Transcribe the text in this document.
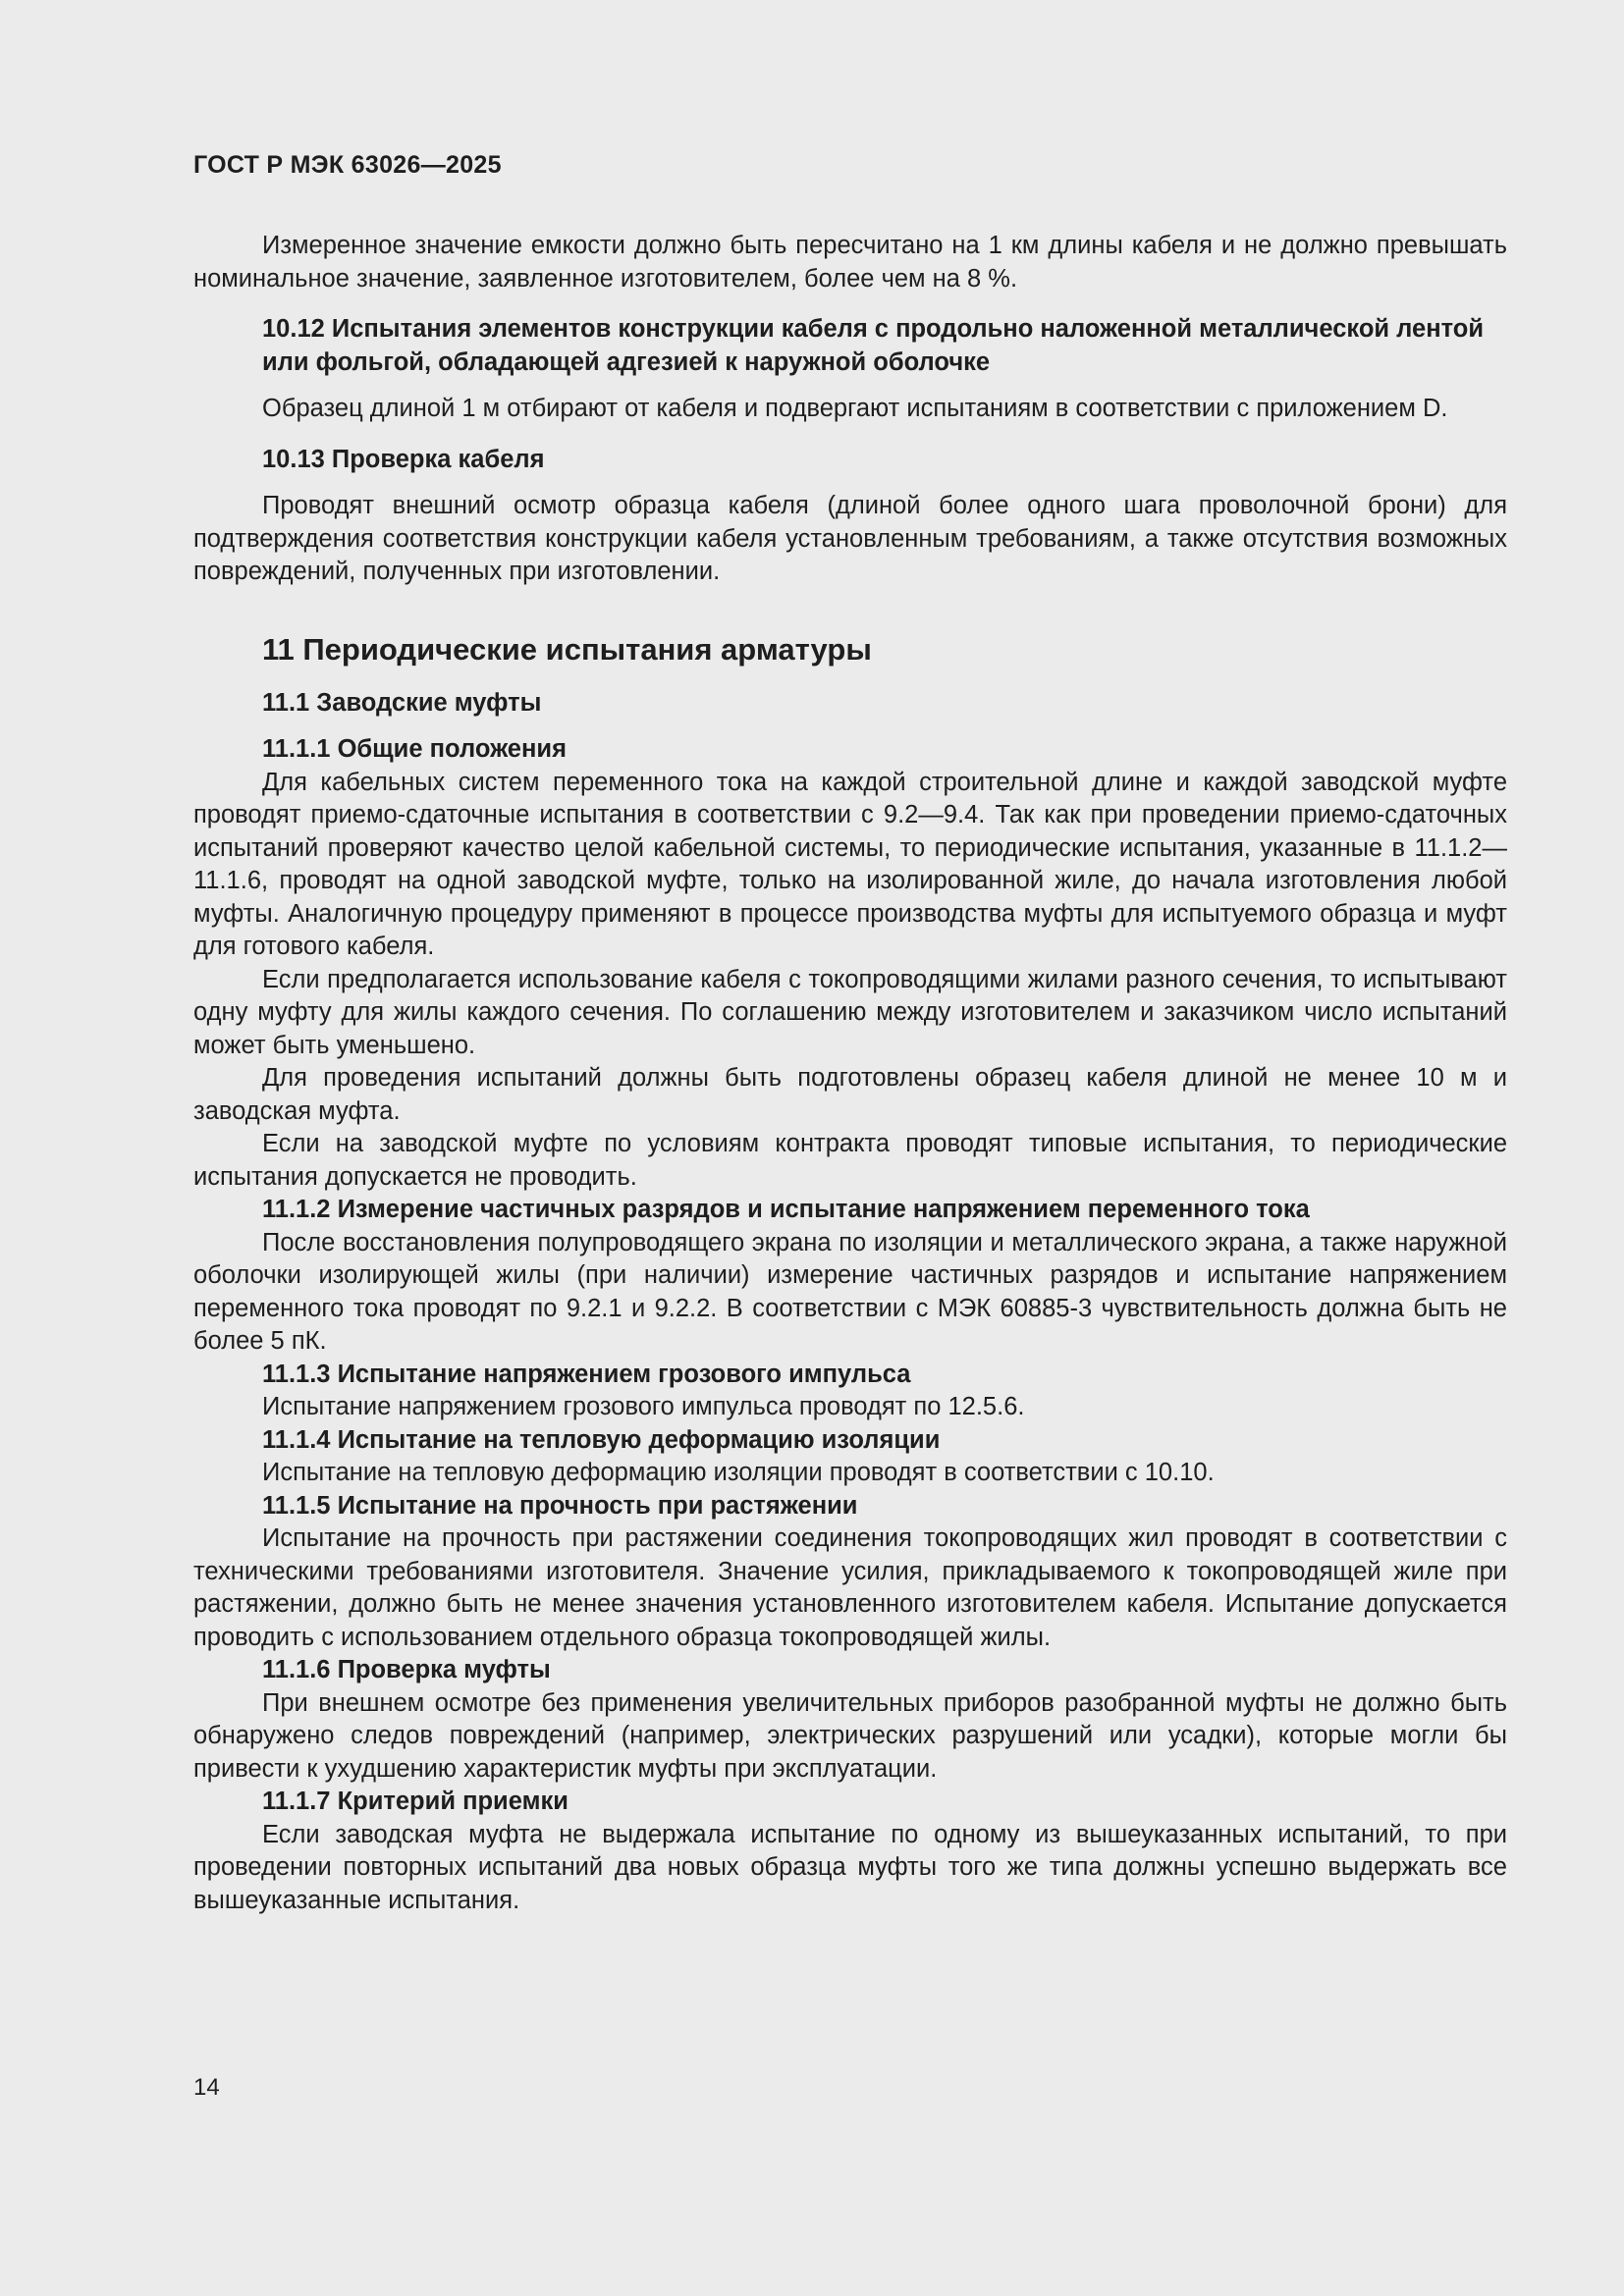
ГОСТ Р МЭК 63026—2025

Измеренное значение емкости должно быть пересчитано на 1 км длины кабеля и не должно превышать номинальное значение, заявленное изготовителем, более чем на 8 %.

10.12 Испытания элементов конструкции кабеля с продольно наложенной металлической лентой или фольгой, обладающей адгезией к наружной оболочке

Образец длиной 1 м отбирают от кабеля и подвергают испытаниям в соответствии с приложением D.

10.13 Проверка кабеля

Проводят внешний осмотр образца кабеля (длиной более одного шага проволочной брони) для подтверждения соответствия конструкции кабеля установленным требованиям, а также отсутствия возможных повреждений, полученных при изготовлении.

11 Периодические испытания арматуры

11.1 Заводские муфты

11.1.1 Общие положения

Для кабельных систем переменного тока на каждой строительной длине и каждой заводской муфте проводят приемо-сдаточные испытания в соответствии с 9.2—9.4. Так как при проведении приемо-сдаточных испытаний проверяют качество целой кабельной системы, то периодические испытания, указанные в 11.1.2—11.1.6, проводят на одной заводской муфте, только на изолированной жиле, до начала изготовления любой муфты. Аналогичную процедуру применяют в процессе производства муфты для испытуемого образца и муфт для готового кабеля.

Если предполагается использование кабеля с токопроводящими жилами разного сечения, то испытывают одну муфту для жилы каждого сечения. По соглашению между изготовителем и заказчиком число испытаний может быть уменьшено.

Для проведения испытаний должны быть подготовлены образец кабеля длиной не менее 10 м и заводская муфта.

Если на заводской муфте по условиям контракта проводят типовые испытания, то периодические испытания допускается не проводить.

11.1.2 Измерение частичных разрядов и испытание напряжением переменного тока

После восстановления полупроводящего экрана по изоляции и металлического экрана, а также наружной оболочки изолирующей жилы (при наличии) измерение частичных разрядов и испытание напряжением переменного тока проводят по 9.2.1 и 9.2.2. В соответствии с МЭК 60885-3 чувствительность должна быть не более 5 пК.

11.1.3 Испытание напряжением грозового импульса

Испытание напряжением грозового импульса проводят по 12.5.6.

11.1.4 Испытание на тепловую деформацию изоляции

Испытание на тепловую деформацию изоляции проводят в соответствии с 10.10.

11.1.5 Испытание на прочность при растяжении

Испытание на прочность при растяжении соединения токопроводящих жил проводят в соответствии с техническими требованиями изготовителя. Значение усилия, прикладываемого к токопроводящей жиле при растяжении, должно быть не менее значения установленного изготовителем кабеля. Испытание допускается проводить с использованием отдельного образца токопроводящей жилы.

11.1.6 Проверка муфты

При внешнем осмотре без применения увеличительных приборов разобранной муфты не должно быть обнаружено следов повреждений (например, электрических разрушений или усадки), которые могли бы привести к ухудшению характеристик муфты при эксплуатации.

11.1.7 Критерий приемки

Если заводская муфта не выдержала испытание по одному из вышеуказанных испытаний, то при проведении повторных испытаний два новых образца муфты того же типа должны успешно выдержать все вышеуказанные испытания.

14
